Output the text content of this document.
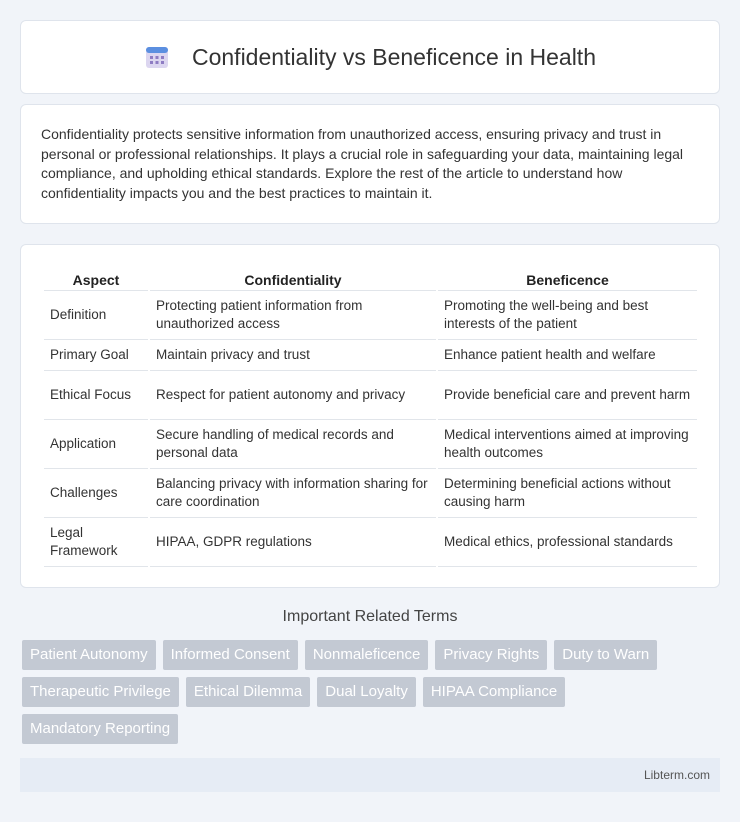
Confidentiality vs Beneficence in Health

Confidentiality protects sensitive information from unauthorized access, ensuring privacy and trust in personal or professional relationships. It plays a crucial role in safeguarding your data, maintaining legal compliance, and upholding ethical standards. Explore the rest of the article to understand how confidentiality impacts you and the best practices to maintain it.

Aspect	Confidentiality	Beneficence
Definition	Protecting patient information from unauthorized access	Promoting the well-being and best interests of the patient
Primary Goal	Maintain privacy and trust	Enhance patient health and welfare
Ethical Focus	Respect for patient autonomy and privacy	Provide beneficial care and prevent harm
Application	Secure handling of medical records and personal data	Medical interventions aimed at improving health outcomes
Challenges	Balancing privacy with information sharing for care coordination	Determining beneficial actions without causing harm
Legal Framework	HIPAA, GDPR regulations	Medical ethics, professional standards
Important Related Terms
Patient Autonomy	Informed Consent	Nonmaleficence	Privacy Rights	Duty to Warn
Therapeutic Privilege	Ethical Dilemma	Dual Loyalty	HIPAA Compliance
Mandatory Reporting
Libterm.com
